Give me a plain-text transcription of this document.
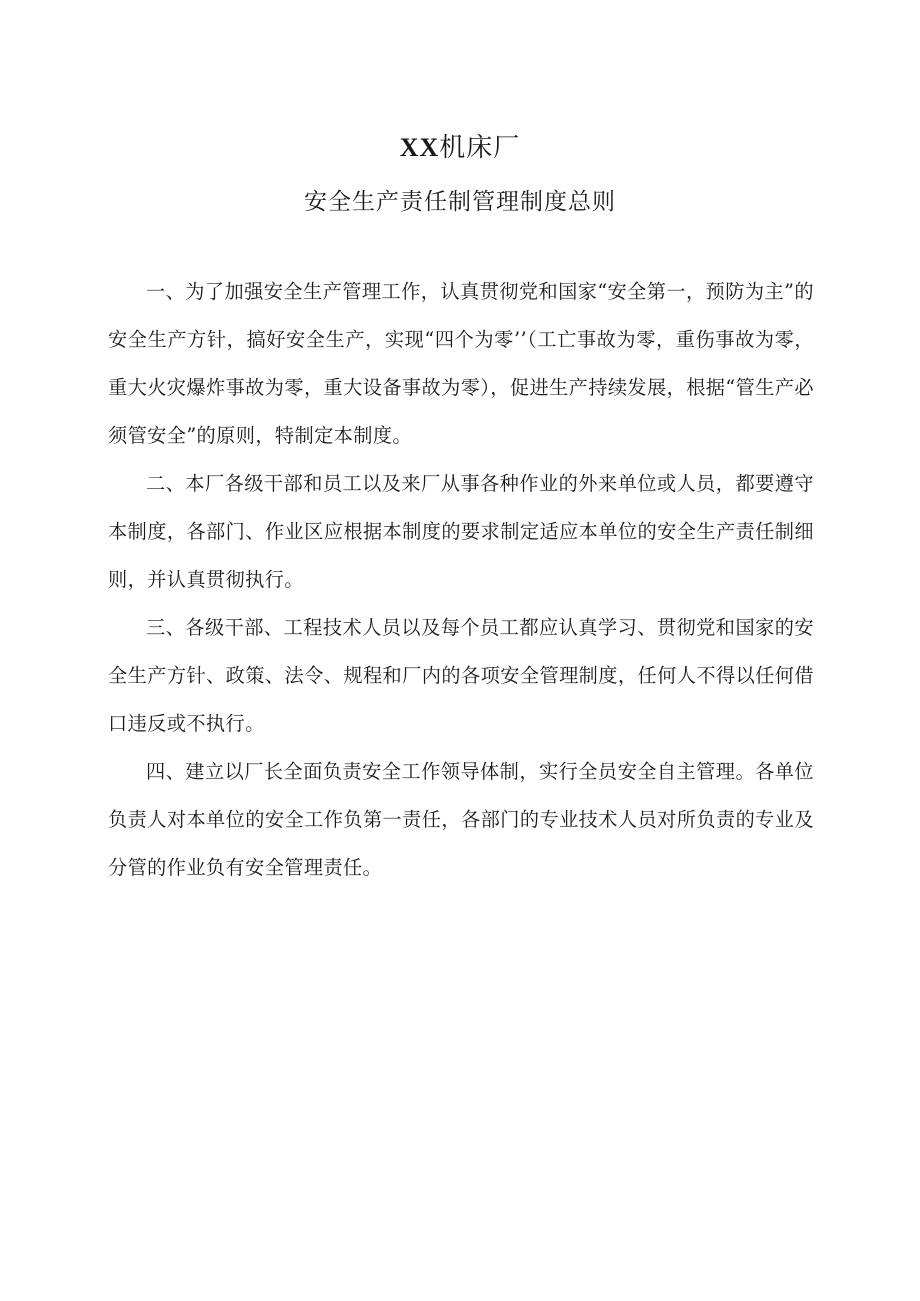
XX机床厂
安全生产责任制管理制度总则

一、为了加强安全生产管理工作，认真贯彻党和国家“安全第一，预防为主”的安全生产方针，搞好安全生产，实现“四个为零’’（工亡事故为零，重伤事故为零，重大火灾爆炸事故为零，重大设备事故为零），促进生产持续发展，根据“管生产必须管安全”的原则，特制定本制度。

二、本厂各级干部和员工以及来厂从事各种作业的外来单位或人员，都要遵守本制度，各部门、作业区应根据本制度的要求制定适应本单位的安全生产责任制细则，并认真贯彻执行。

三、各级干部、工程技术人员以及每个员工都应认真学习、贯彻党和国家的安全生产方针、政策、法令、规程和厂内的各项安全管理制度，任何人不得以任何借口违反或不执行。

四、建立以厂长全面负责安全工作领导体制，实行全员安全自主管理。各单位负责人对本单位的安全工作负第一责任，各部门的专业技术人员对所负责的专业及分管的作业负有安全管理责任。
